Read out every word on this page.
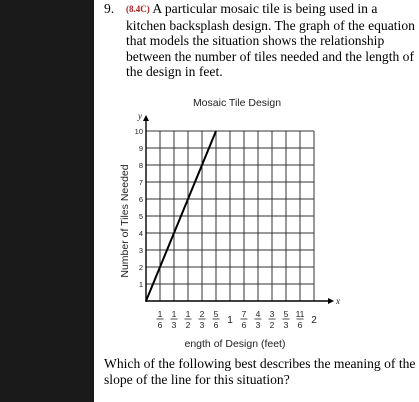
9. (8.4C) A particular mosaic tile is being used in a kitchen backsplash design. The graph of the equation that models the situation shows the relationship between the number of tiles needed and the length of the design in feet.
Mosaic Tile Design
Number of Tiles Needed
ength of Design (feet)
x
y
1
2
3
4
5
6
7
8
9
10
1
6
1
3
1
2
2
3
5
6 1
7
6
4
3
3
2
5
3
11
6 2
Which of the following best describes the meaning of the slope of the line for this situation?
